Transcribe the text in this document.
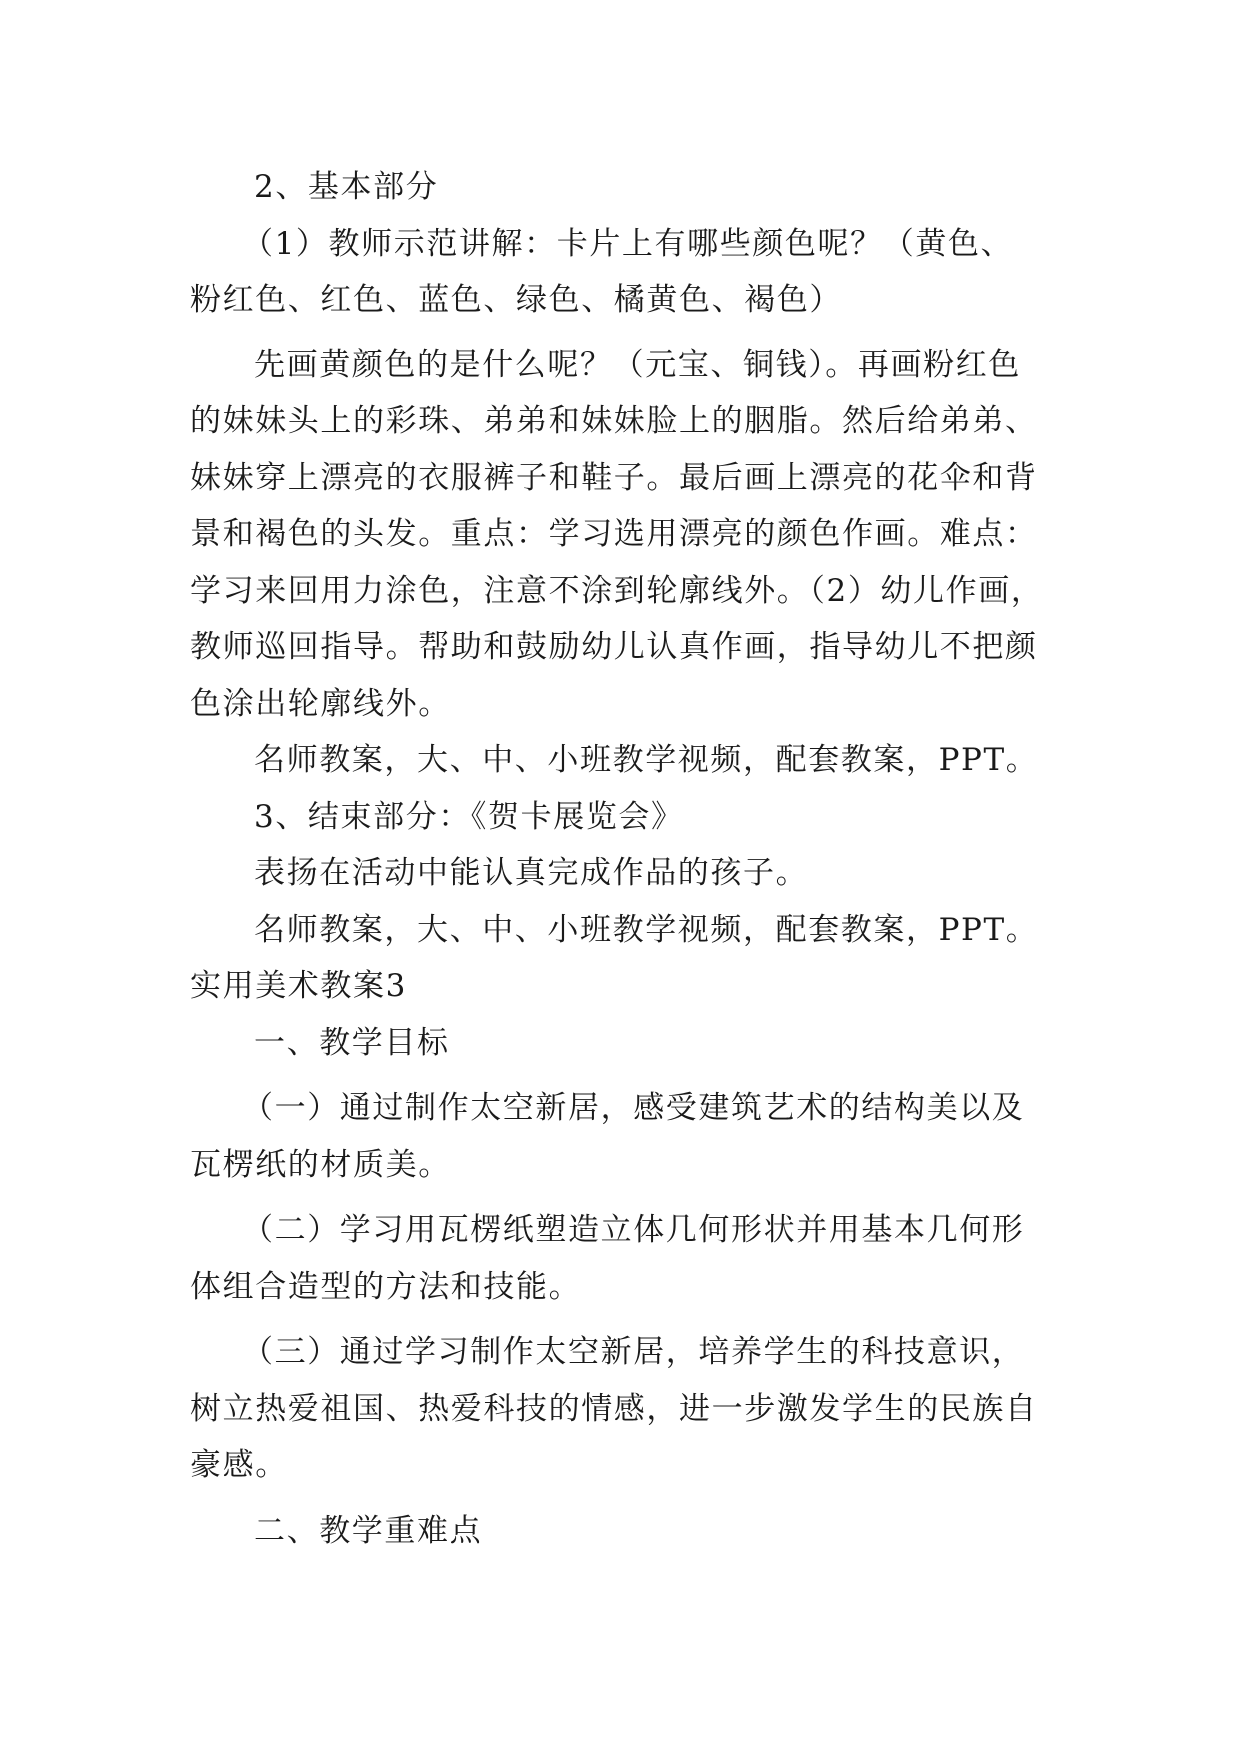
2、基本部分

（1）教师示范讲解：卡片上有哪些颜色呢？（黄色、

粉红色、红色、蓝色、绿色、橘黄色、褐色）

先画黄颜色的是什么呢？（元宝、铜钱）。再画粉红色

的妹妹头上的彩珠、弟弟和妹妹脸上的胭脂。然后给弟弟、

妹妹穿上漂亮的衣服裤子和鞋子。最后画上漂亮的花伞和背

景和褐色的头发。重点：学习选用漂亮的颜色作画。难点：

学习来回用力涂色，注意不涂到轮廓线外。（2）幼儿作画，

教师巡回指导。帮助和鼓励幼儿认真作画，指导幼儿不把颜

色涂出轮廓线外。

名师教案，大、中、小班教学视频，配套教案，PPT。

3、结束部分：《贺卡展览会》

表扬在活动中能认真完成作品的孩子。

名师教案，大、中、小班教学视频，配套教案，PPT。

实用美术教案3

一、教学目标

（一）通过制作太空新居，感受建筑艺术的结构美以及

瓦楞纸的材质美。

（二）学习用瓦楞纸塑造立体几何形状并用基本几何形

体组合造型的方法和技能。

（三）通过学习制作太空新居，培养学生的科技意识，

树立热爱祖国、热爱科技的情感，进一步激发学生的民族自

豪感。

二、教学重难点
